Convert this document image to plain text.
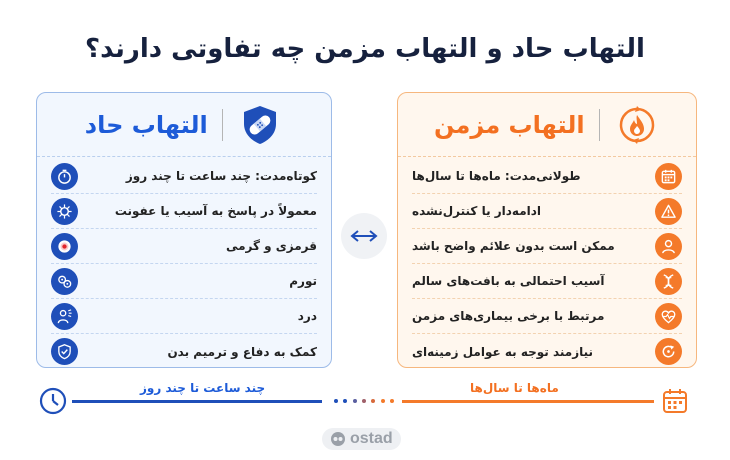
التهاب حاد و التهاب مزمن چه تفاوتی دارند؟
التهاب مزمن
طولانی‌مدت: ماه‌ها تا سال‌ها
ادامه‌دار یا کنترل‌نشده
ممکن است بدون علائم واضح باشد
آسیب احتمالی به بافت‌های سالم
مرتبط با برخی بیماری‌های مزمن
نیازمند توجه به عوامل زمینه‌ای
التهاب حاد
کوتاه‌مدت: چند ساعت تا چند روز
معمولاً در پاسخ به آسیب یا عفونت
قرمزی و گرمی
تورم
درد
کمک به دفاع و ترمیم بدن
ماه‌ها تا سال‌ها
چند ساعت تا چند روز
ostad
